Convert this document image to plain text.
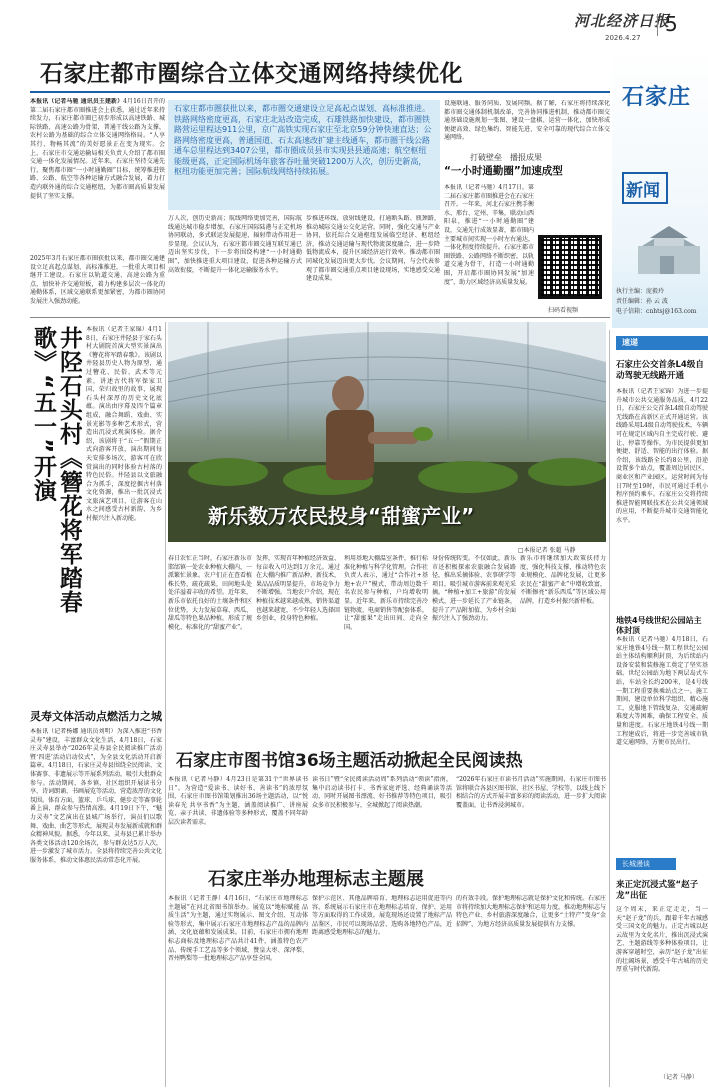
河北经济日报
2026.4.27
5
石家庄都市圈综合立体交通网络持续优化
本报讯（记者马驰 通讯员王建新）4月16日召开的第二届石家庄都市圈推进会上获悉，通过近年来持续发力，石家庄都市圈已初步形成以高速铁路、城际铁路、高速公路为骨架，普通干线公路为支撑，农村公路为基础的综合立体交通网络格局。“人享其行、物畅其流”的美好愿景正在变为现实。会上，石家庄市交通运输局相关负责人介绍了都市圈交通一体化发展情况。近年来，石家庄坚持交通先行，聚焦都市圈“一小时通勤圈”目标，统筹推进铁路、公路、航空等各种运输方式融合发展，着力打造内联外通的综合交通枢纽，为都市圈高质量发展提供了坚实支撑。
2025年3月石家庄都市圈获批以来，都市圈交通建设立足高起点谋划、高标准推进，一批重大项目相继开工建设。石家庄以轨道交通、高速公路为重点，加快补齐交通短板，着力构建多层次一体化的通勤体系，区域交通联系更加紧密，为都市圈协同发展注入强劲动能。
石家庄都市圈获批以来，都市圈交通建设立足高起点谋划、高标准推进。铁路网络密度更高，石家庄北站改造完成，石雄铁路加快建设，都市圈铁路营运里程达911公里，京广高铁实现石家庄至北京59分钟快速直达；公路网络密度更高，普通国道、石太高速改扩建主线通车，都市圈干线公路通车总里程达到3407公里，都市圈成员县市实现县县通高速；航空枢纽能级更高，正定国际机场年旅客吞吐量突破1200万人次，创历史新高，枢纽功能更加完善；国际航线网络持续拓展。
万人次，创历史新高；航线网络更加完善，国际航线通达城市稳步增加，石家庄国际陆港与正定机场协同联动，多式联运发展提速，辐射带动作用进一步显现。会议认为，石家庄都市圈交通互联互通已迈出坚实步伐，下一步将围绕构建“一小时通勤圈”，加快推进重大项目建设，促进各种运输方式高效衔接，不断提升一体化运输服务水平。
步推进环线、放射线建设，打通断头路、瓶颈路，推动城际交通公交化运营。同时，强化交通与产业协同，依托综合交通枢纽发展临空经济、枢纽经济，推动交通运输与现代物流深度融合，进一步降低物流成本，提升区域经济运行效率。推动都市圈同城化发展迈出更大步伐。会议期间，与会代表参观了都市圈交通重点项目建设现场，实地感受交通建设成果。
设施联通、服务同质、发展同频。据了解，石家庄将持续深化都市圈交通体制机制改革，完善协同推进机制，推动都市圈交通基础设施规划一张图、建设一盘棋、运营一体化，加快形成便捷高效、绿色集约、智能先进、安全可靠的现代综合立体交通网络。
打破壁垒　播报成果
“一小时通勤圈”加速成型
本报讯（记者马驰）4月17日，第二届石家庄都市圈推进会在石家庄召开。一年来，河北石家庄携手衡水、邢台、定州、辛集，联动山西阳泉，推进“一小时通勤圈”建设，交通先行成效显著，都市圈内主要城市间实现一小时左右通达，一体化程度持续提升。石家庄都市圈铁路、公路网络不断织密，以轨道交通为骨干，打造一小时通勤圈，开启都市圈协同发展“加速度”，助力区域经济高质量发展。
扫码看视频
石家庄
新闻
执行主编：庞毅玲
责任编辑：孙 云 波
电子信箱：cnhtsj@163.com
井陉石头村《簪花将军踏春歌》“五一”开演	本报讯（记者王家锦）4月18日，石家庄井陉县于家石头村大剧院首演大型实景演出《簪花将军踏春歌》。该剧以井陉县历史人物为原型，通过簪花、民俗、武术等元素，讲述古代将军保家卫国、荣归故里的故事，展现石头村深厚的历史文化底蕴。演出由序幕及四个篇章组成，融合舞蹈、戏曲、实景光影等多种艺术形式，营造出沉浸式观演体验。据介绍，该剧将于“五一”假期正式向游客开放，演出期间每天安排多场次，游客可在欣赏演出的同时体验古村落的特色民俗。井陉县以文旅融合为抓手，深度挖掘古村落文化资源，推出一批沉浸式文旅演艺项目，让游客在山水之间感受古村新韵，为乡村振兴注入新动能。
灵寿文体活动点燃活力之城
本报讯（记者杨娜 通讯员刘明）为深入推进“书香灵寿”建设，丰富群众文化生活，4月18日，石家庄灵寿县举办“2026年灵寿县全民阅读推广活动暨‘四进’活动启动仪式”，为全县文化活动开启新篇章。4月18日，石家庄灵寿县围绕全民阅读、文体赛事、非遗展示等开展系列活动，吸引大批群众参与。活动期间，各乡镇、社区组织开展读书分享、诗词朗诵、书画展览等活动，营造浓厚的文化氛围。体育方面，篮球、乒乓球、健步走等赛事轮番上演，群众参与热情高涨。4月19日下午，“魅力灵寿”文艺演出在县城广场举行，演员们以歌舞、戏曲、曲艺等形式，展现灵寿发展新成就和群众精神风貌。据悉，今年以来，灵寿县已累计举办各类文体活动120余场次，参与群众达5万人次，进一步激发了城市活力。全县将持续完善公共文化服务体系，推动文体惠民活动常态化开展。
新乐数万农民投身“甜蜜产业”
□本报记者 张超 马静
春日农忙正当时，石家庄新乐市邯邰镇一处农业种植大棚内，一派繁忙景象。农户们正在查看植株长势、疏花疏果，田间地头处处洋溢着丰收的希望。近年来，新乐市依托良好的土壤条件和区位优势，大力发展草莓、西瓜、甜瓜等特色果品种植，形成了规模化、标准化的“甜蜜产业”。
发挥，实现首年种植经济效益、每亩收入可达到1万余元。通过在大棚内推广新品种、新技术，果品品质明显提升，市场竞争力不断增强。当地农户介绍，现在种植技术越来越成熟，销售渠道也越来越宽，不少年轻人选择回乡创业，投身特色种植。
利用基地大棚温室条件，推行标准化种植与科学化管理。合作社负责人表示，通过“合作社+基地+农户”模式，带动周边数千名农民参与种植，户均增收明显。近年来，新乐市持续完善冷链物流、电商销售等配套体系，让“甜蜜果”走出田间、走向全国。
身份传统转变。不仅如此，新乐市还积极探索农旅融合发展路径，推出采摘体验、农事研学等项目，吸引城市游客前来观光采摘。“种植+加工+旅游”的发展模式，进一步延长了产业链条，提升了产品附加值，为乡村全面振兴注入了强劲动力。
新乐市将继续加大政策扶持力度，强化科技支撑，推动特色农业规模化、品牌化发展，让更多农民在“甜蜜产业”中增收致富，不断擦亮“新乐西瓜”等区域公用品牌，打造乡村振兴新样板。
石家庄市图书馆36场主题活动掀起全民阅读热
本报讯（记者马静）4月23日是第31个“世界读书日”。为营造“爱读书、读好书、善读书”的浓厚氛围，石家庄市图书馆策划推出36场主题活动，以“悦读春光 共享书香”为主题，涵盖阅读推广、讲座展览、亲子共读、非遗体验等多种形式，覆盖不同年龄层次读者需求。
读书日”暨“全民阅读活动周”系列活动“领读”指南，集中启动读书打卡、书香家庭评选、经典诵读等活动，同时开展图书漂流、好书推荐等特色项目，吸引众多市民积极参与，全城掀起了阅读热潮。
“2026年石家庄市读书月活动”实施期间，石家庄市图书馆将联合各县区图书馆、社区书屋、学校等，以线上线下相结合的方式开展丰富多彩的阅读活动，进一步扩大阅读覆盖面，让书香浸润城市。
石家庄举办地理标志主题展
本报讯（记者王静）4月16日，“石家庄市地理标志主题展”在河北省图书馆举办。展览以“地标赋能 品质生活”为主题，通过实物展示、图文介绍、互动体验等形式，集中展示石家庄市地理标志产品的品牌内涵、文化底蕴和发展成果。目前，石家庄市拥有地理标志商标及地理标志产品共计41件，涵盖特色农产品、传统手工艺品等多个领域，赞皇大枣、深泽梨、晋州鸭梨等一批地理标志产品享誉全国。
保护示范区、其他品牌培育、地理标志运用促进等内容，系统展示石家庄市在地理标志培育、保护、运用等方面取得的工作成效。展览现场还设置了地标产品品鉴区，市民可以现场品尝、选购各地特色产品，近距离感受地理标志的魅力。
的有效手段。保护地理标志就是保护文化和传统。石家庄市将持续加大地理标志保护和运用力度，推动地理标志与特色产业、乡村旅游深度融合，让更多“土特产”变身“金招牌”，为地方经济高质量发展提供有力支撑。
速递
石家庄公交首条L4级自动驾驶无线路开通
本报讯（记者王家锦）为进一步提升城市公共交通服务品质，4月22日，石家庄公交首条L4级自动驾驶无线路在高新区正式开通运营。该线路采用L4级自动驾驶技术，车辆可在规定区域内自主完成行驶、避让、停靠等操作，为市民提供更加便捷、舒适、智能的出行体验。据介绍，该线路全长约8公里，沿途设置多个站点，覆盖周边居民区、商业区和产业园区。运营时间为每日7时至19时，市民可通过手机小程序预约乘车。石家庄公交将持续推进智能网联技术在公共交通领域的应用，不断提升城市交通智能化水平。
地铁4号线世纪公园站主体封顶
本报讯（记者马驰）4月18日，石家庄地铁4号线一期工程世纪公园站主体结构顺利封顶，为后续站内设备安装和装修施工奠定了坚实基础。世纪公园站为地下两层岛式车站，车站全长约200米，是4号线一期工程重要换乘站点之一。施工期间，建设单位科学组织、精心施工，克服地下管线复杂、交通疏解难度大等困难，确保工程安全、质量和进度。石家庄地铁4号线一期工程建成后，将进一步完善城市轨道交通网络，方便市民出行。
长城漫谈
来正定沉浸式鉴“赵子龙”出征
这个周末，来正定走走，当一天“赵子龙”的兵，跟着千年古城感受三国文化的魅力。正定古城以赵云故里为文化名片，推出沉浸式演艺、主题游线等多种体验项目，让游客穿越时空，亲历“赵子龙”出征的壮阔场景，感受千年古城的历史厚重与时代新韵。
（记者 马静）
